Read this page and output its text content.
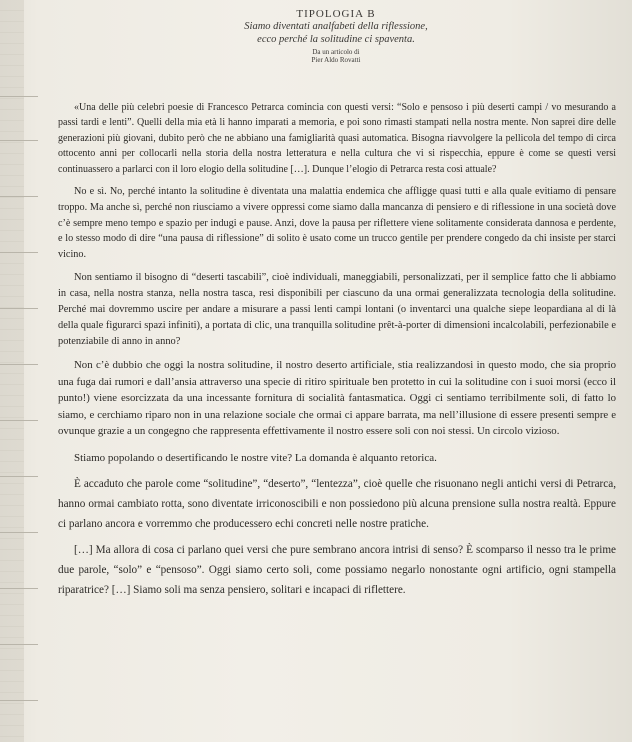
TIPOLOGIA B
Siamo diventati analfabeti della riflessione,
ecco perché la solitudine ci spaventa.
Da un articolo di
Pier Aldo Rovatti

«Una delle più celebri poesie di Francesco Petrarca comincia con questi versi: “Solo e pensoso i più deserti campi / vo mesurando a passi tardi e lenti”. Quelli della mia età li hanno imparati a memoria, e poi sono rimasti stampati nella nostra mente. Non saprei dire delle generazioni più giovani, dubito però che ne abbiano una famigliarità quasi automatica. Bisogna riavvolgere la pellicola del tempo di circa ottocento anni per collocarli nella storia della nostra letteratura e nella cultura che vi si rispecchia, eppure è come se questi versi continuassero a parlarci con il loro elogio della solitudine […]. Dunque l’elogio di Petrarca resta così attuale?

No e sì. No, perché intanto la solitudine è diventata una malattia endemica che affligge quasi tutti e alla quale evitiamo di pensare troppo. Ma anche sì, perché non riusciamo a vivere oppressi come siamo dalla mancanza di pensiero e di riflessione in una società dove c’è sempre meno tempo e spazio per indugi e pause. Anzi, dove la pausa per riflettere viene solitamente considerata dannosa e perdente, e lo stesso modo di dire “una pausa di riflessione” di solito è usato come un trucco gentile per prendere congedo da chi insiste per starci vicino.

Non sentiamo il bisogno di “deserti tascabili”, cioè individuali, maneggiabili, personalizzati, per il semplice fatto che li abbiamo in casa, nella nostra stanza, nella nostra tasca, resi disponibili per ciascuno da una ormai generalizzata tecnologia della solitudine. Perché mai dovremmo uscire per andare a misurare a passi lenti campi lontani (o inventarci una qualche siepe leopardiana al di là della quale figurarci spazi infiniti), a portata di clic, una tranquilla solitudine prêt-à-porter di dimensioni incalcolabili, perfezionabile e potenziabile di anno in anno?

Non c’è dubbio che oggi la nostra solitudine, il nostro deserto artificiale, stia realizzandosi in questo modo, che sia proprio una fuga dai rumori e dall’ansia attraverso una specie di ritiro spirituale ben protetto in cui la solitudine con i suoi morsi (ecco il punto!) viene esorcizzata da una incessante fornitura di socialità fantasmatica. Oggi ci sentiamo terribilmente soli, di fatto lo siamo, e cerchiamo riparo non in una relazione sociale che ormai ci appare barrata, ma nell’illusione di essere presenti sempre e ovunque grazie a un congegno che rappresenta effettivamente il nostro essere soli con noi stessi. Un circolo vizioso.

Stiamo popolando o desertificando le nostre vite? La domanda è alquanto retorica.

È accaduto che parole come “solitudine”, “deserto”, “lentezza”, cioè quelle che risuonano negli antichi versi di Petrarca, hanno ormai cambiato rotta, sono diventate irriconoscibili e non possiedono più alcuna prensione sulla nostra realtà. Eppure ci parlano ancora e vorremmo che producessero echi concreti nelle nostre pratiche.

[…] Ma allora di cosa ci parlano quei versi che pure sembrano ancora intrisi di senso? È scomparso il nesso tra le prime due parole, “solo” e “pensoso”. Oggi siamo certo soli, come possiamo negarlo nonostante ogni artificio, ogni stampella riparatrice? […] Siamo soli ma senza pensiero, solitari e incapaci di riflettere.
